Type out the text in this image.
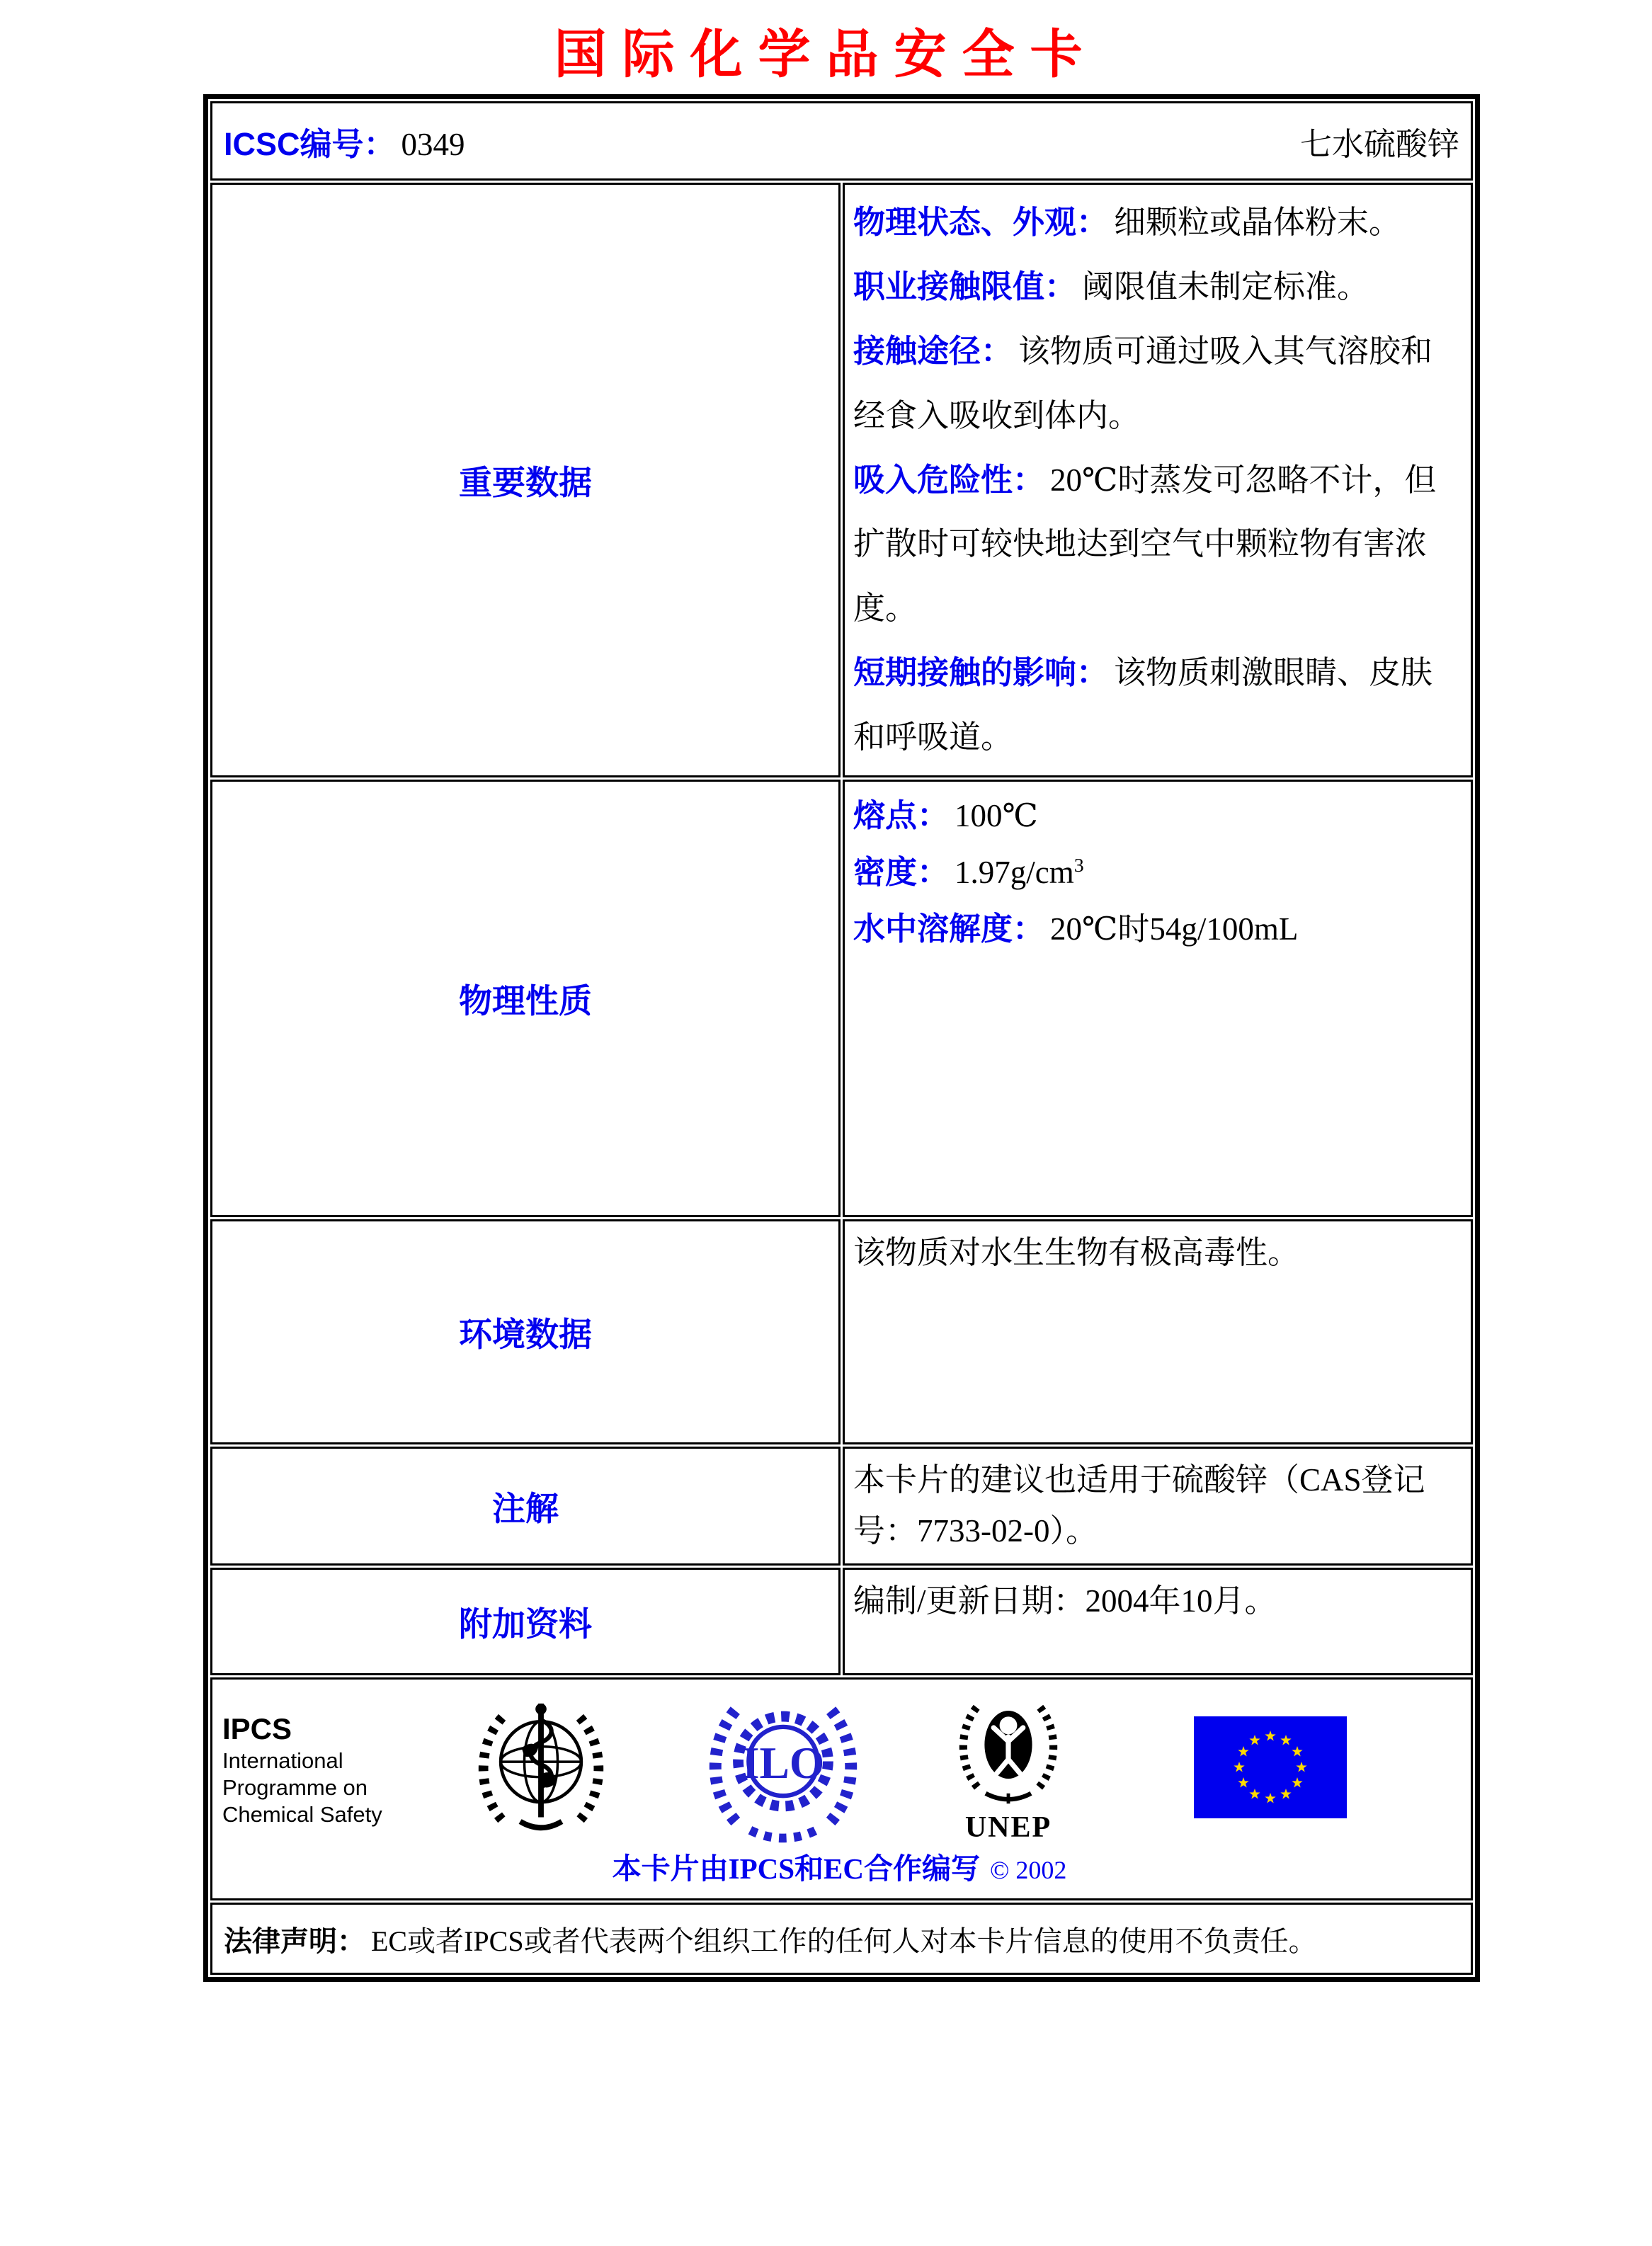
国际化学品安全卡
ICSC编号： 0349 七水硫酸锌	

重要数据	物理状态、外观： 细颗粒或晶体粉末。
职业接触限值： 阈限值未制定标准。
接触途径： 该物质可通过吸入其气溶胶和经食入吸收到体内。
吸入危险性： 20℃时蒸发可忽略不计，但扩散时可较快地达到空气中颗粒物有害浓度。
短期接触的影响： 该物质刺激眼睛、皮肤和呼吸道。

物理性质	熔点： 100℃
密度： $1.97g/cm^3$
水中溶解度： 20℃时54g/100mL

环境数据	该物质对水生生物有极高毒性。

注解	本卡片的建议也适用于硫酸锌（CAS登记号：7733-02-0）。

附加资料	编制/更新日期：2004年10月。

IPCS
International
Programme on
Chemical Safety
ILO
UNEP
本卡片由IPCS和EC合作编写 © 2002

法律声明： EC或者IPCS或者代表两个组织工作的任何人对本卡片信息的使用不负责任。	
